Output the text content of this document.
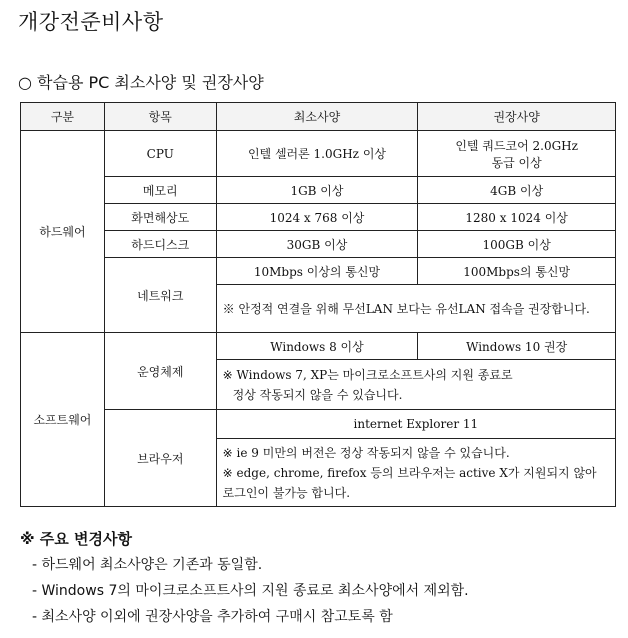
개강전준비사항
○ 학습용 PC 최소사양 및 권장사양
구분	항목	최소사양	권장사양
하드웨어	CPU	인텔 셀러론 1.0GHz 이상	인텔 쿼드코어 2.0GHz
동급 이상

	메모리	1GB 이상	4GB 이상
	화면해상도	1024 x 768 이상	1280 x 1024 이상
	하드디스크	30GB 이상	100GB 이상
	네트워크	10Mbps 이상의 통신망	100Mbps의 통신망
		※ 안정적 연결을 위해 무선LAN 보다는 유선LAN 접속을 권장합니다.	
소프트웨어	운영체제	Windows 8 이상	Windows 10 권장

		※ Windows 7, XP는 마이크로소프트사의 지원 종료로
정상 작동되지 않을 수 있습니다.	

	브라우저	internet Explorer 11	

		※ ie 9 미만의 버전은 정상 작동되지 않을 수 있습니다.
※ edge, chrome, firefox 등의 브라우저는 active X가 지원되지 않아 로그인이 불가능 합니다.	
※ 주요 변경사항
- 하드웨어 최소사양은 기존과 동일함.
- Windows 7의 마이크로소프트사의 지원 종료로 최소사양에서 제외함.
- 최소사양 이외에 권장사양을 추가하여 구매시 참고토록 함
